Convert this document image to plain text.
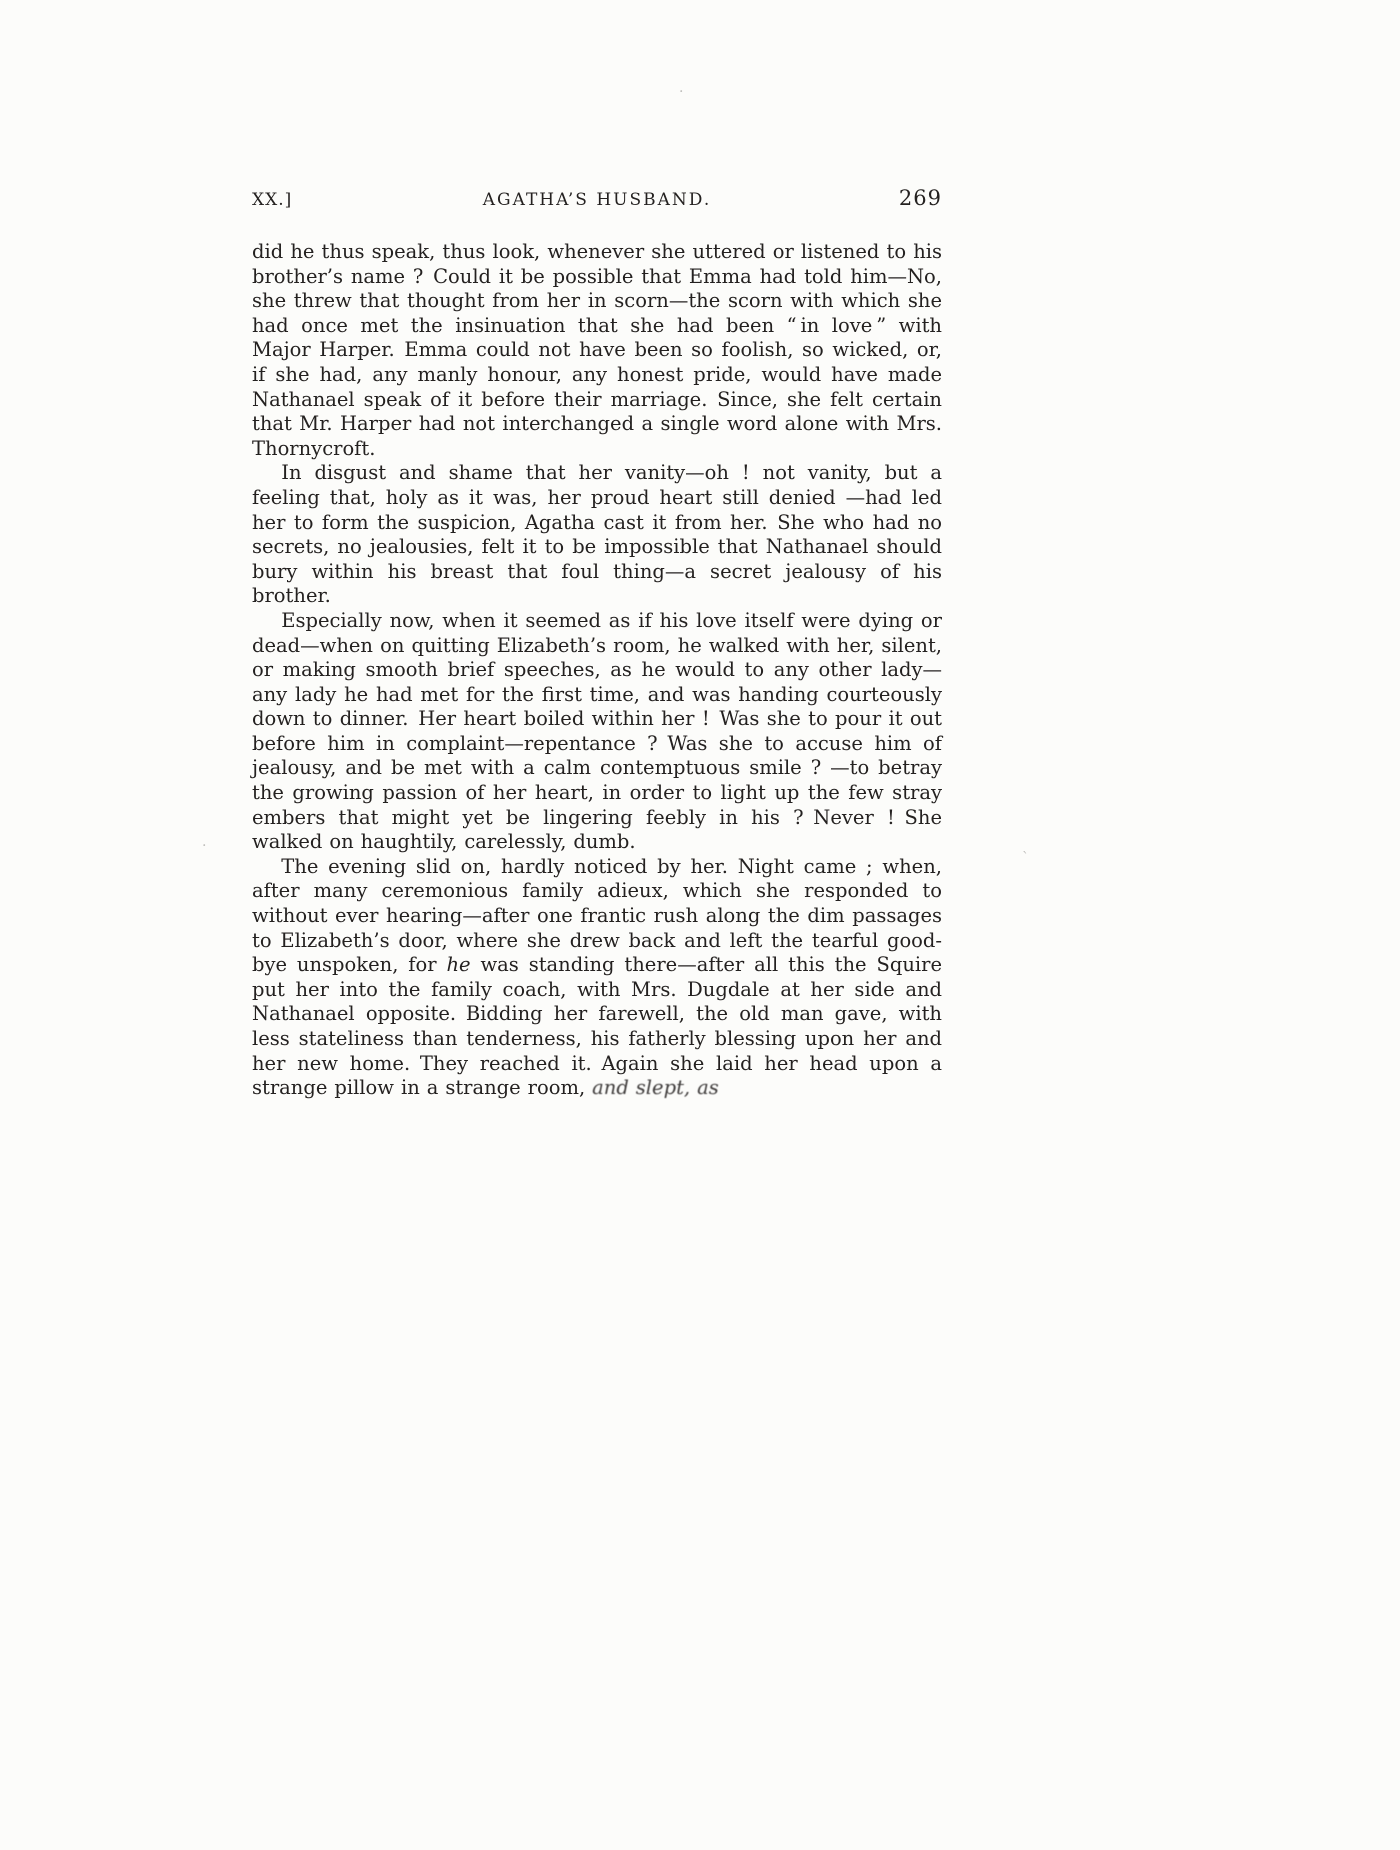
·
.
`
XX.]	AGATHA’S HUSBAND.	269

did he thus speak, thus look, whenever she uttered or listened to his brother’s name ? Could it be possible that Emma had told him—No, she threw that thought from her in scorn—the scorn with which she had once met the insinuation that she had been “ in love ” with Major Harper. Emma could not have been so foolish, so wicked, or, if she had, any manly honour, any honest pride, would have made Nathanael speak of it before their marriage. Since, she felt certain that Mr. Harper had not interchanged a single word alone with Mrs. Thornycroft.

In disgust and shame that her vanity—oh ! not vanity, but a feeling that, holy as it was, her proud heart still denied —had led her to form the suspicion, Agatha cast it from her. She who had no secrets, no jealousies, felt it to be impossible that Nathanael should bury within his breast that foul thing—a secret jealousy of his brother.

Especially now, when it seemed as if his love itself were dying or dead—when on quitting Elizabeth’s room, he walked with her, silent, or making smooth brief speeches, as he would to any other lady—any lady he had met for the first time, and was handing courteously down to dinner. Her heart boiled within her ! Was she to pour it out before him in complaint—repentance ? Was she to accuse him of jealousy, and be met with a calm contemptuous smile ? —to betray the growing passion of her heart, in order to light up the few stray embers that might yet be lingering feebly in his ? Never ! She walked on haughtily, carelessly, dumb.

The evening slid on, hardly noticed by her. Night came ; when, after many ceremonious family adieux, which she responded to without ever hearing—after one frantic rush along the dim passages to Elizabeth’s door, where she drew back and left the tearful good-bye unspoken, for he was standing there—after all this the Squire put her into the family coach, with Mrs. Dugdale at her side and Nathanael opposite. Bidding her farewell, the old man gave, with less stateliness than tenderness, his fatherly blessing upon her and her new home. They reached it. Again she laid her head upon a strange pillow in a strange room, and slept, as
